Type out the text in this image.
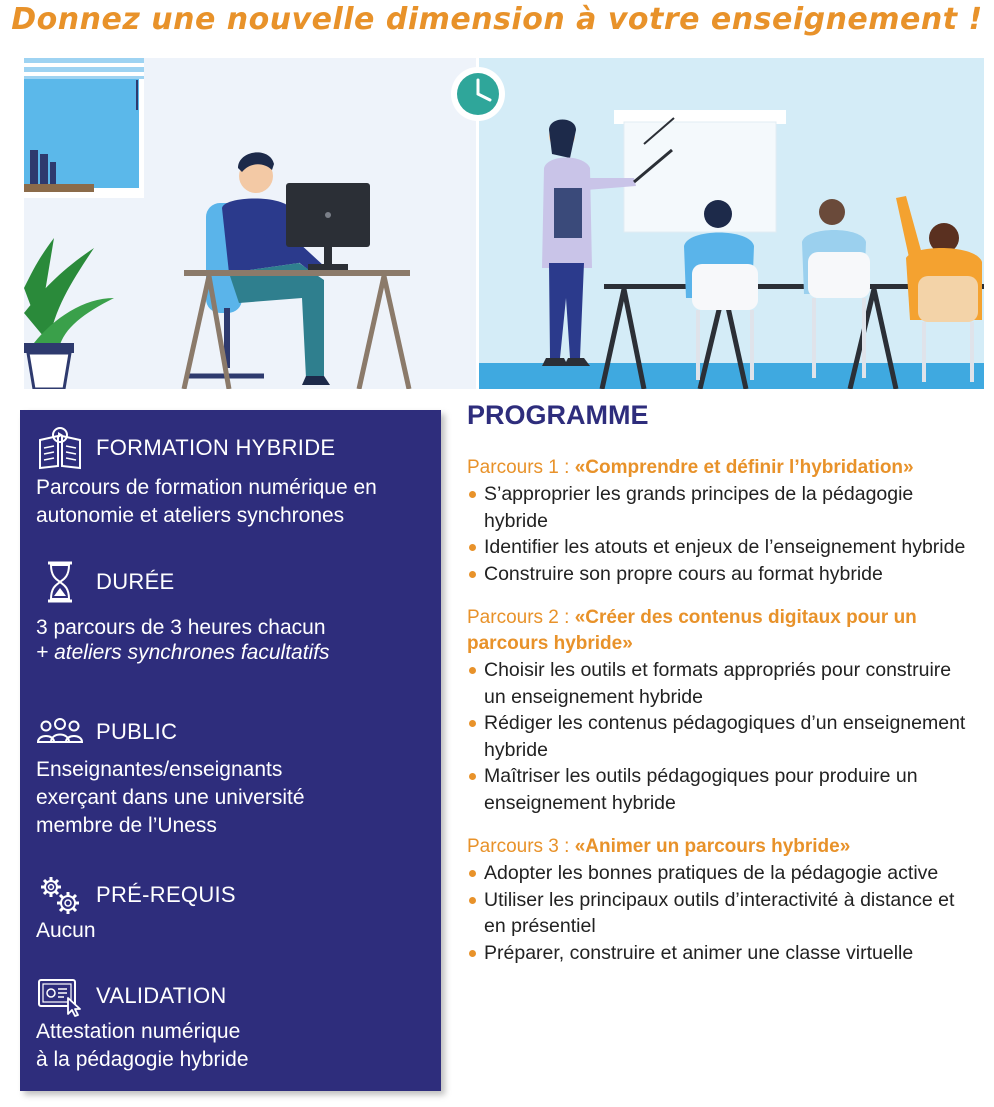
Donnez une nouvelle dimension à votre enseignement !
FORMATION HYBRIDE
Parcours de formation numérique en
autonomie et ateliers synchrones
DURÉE
3 parcours de 3 heures chacun
+ ateliers synchrones facultatifs
PUBLIC
Enseignantes/enseignants
exerçant dans une université
membre de l’Uness
PRÉ-REQUIS
Aucun
VALIDATION
Attestation numérique
à la pédagogie hybride
PROGRAMME
Parcours 1 : «Comprendre et définir l’hybridation»
S’approprier les grands principes de la pédagogie hybride
Identifier les atouts et enjeux de l’enseignement hybride
Construire son propre cours au format hybride
Parcours 2 : «Créer des contenus digitaux pour un parcours hybride»
Choisir les outils et formats appropriés pour construire un enseignement hybride
Rédiger les contenus pédagogiques d’un enseignement hybride
Maîtriser les outils pédagogiques pour produire un enseignement hybride
Parcours 3 : «Animer un parcours hybride»
Adopter les bonnes pratiques de la pédagogie active
Utiliser les principaux outils d’interactivité à distance et en présentiel
Préparer, construire et animer une classe virtuelle
